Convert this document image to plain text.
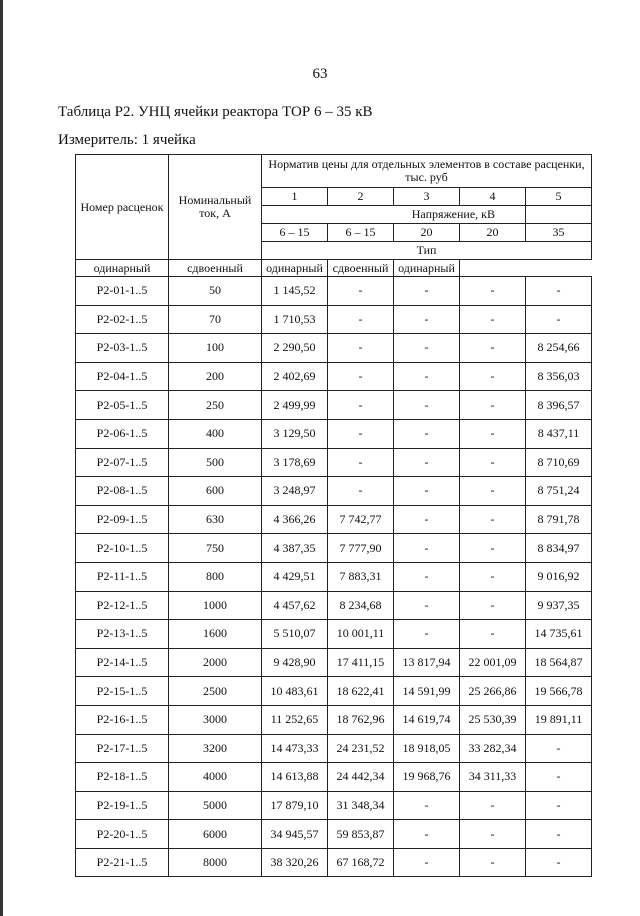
63
Таблица Р2. УНЦ ячейки реактора ТОР 6 – 35 кВ
Измеритель: 1 ячейка
Номер расценок	Номинальный ток, А	Норматив цены для отдельных элементов в составе расценки, тыс. руб				
		1	2	3	4	5
		Напряжение, кВ				
		6 – 15	6 – 15	20	20	35
		Тип				
одинарный	сдвоенный	одинарный	сдвоенный	одинарный		
Р2-01-1..5	50	1 145,52	-	-	-	-
Р2-02-1..5	70	1 710,53	-	-	-	-
Р2-03-1..5	100	2 290,50	-	-	-	8 254,66
Р2-04-1..5	200	2 402,69	-	-	-	8 356,03
Р2-05-1..5	250	2 499,99	-	-	-	8 396,57
Р2-06-1..5	400	3 129,50	-	-	-	8 437,11
Р2-07-1..5	500	3 178,69	-	-	-	8 710,69
Р2-08-1..5	600	3 248,97	-	-	-	8 751,24
Р2-09-1..5	630	4 366,26	7 742,77	-	-	8 791,78
Р2-10-1..5	750	4 387,35	7 777,90	-	-	8 834,97
Р2-11-1..5	800	4 429,51	7 883,31	-	-	9 016,92
Р2-12-1..5	1000	4 457,62	8 234,68	-	-	9 937,35
Р2-13-1..5	1600	5 510,07	10 001,11	-	-	14 735,61
Р2-14-1..5	2000	9 428,90	17 411,15	13 817,94	22 001,09	18 564,87
Р2-15-1..5	2500	10 483,61	18 622,41	14 591,99	25 266,86	19 566,78
Р2-16-1..5	3000	11 252,65	18 762,96	14 619,74	25 530,39	19 891,11
Р2-17-1..5	3200	14 473,33	24 231,52	18 918,05	33 282,34	-
Р2-18-1..5	4000	14 613,88	24 442,34	19 968,76	34 311,33	-
Р2-19-1..5	5000	17 879,10	31 348,34	-	-	-
Р2-20-1..5	6000	34 945,57	59 853,87	-	-	-
Р2-21-1..5	8000	38 320,26	67 168,72	-	-	-
